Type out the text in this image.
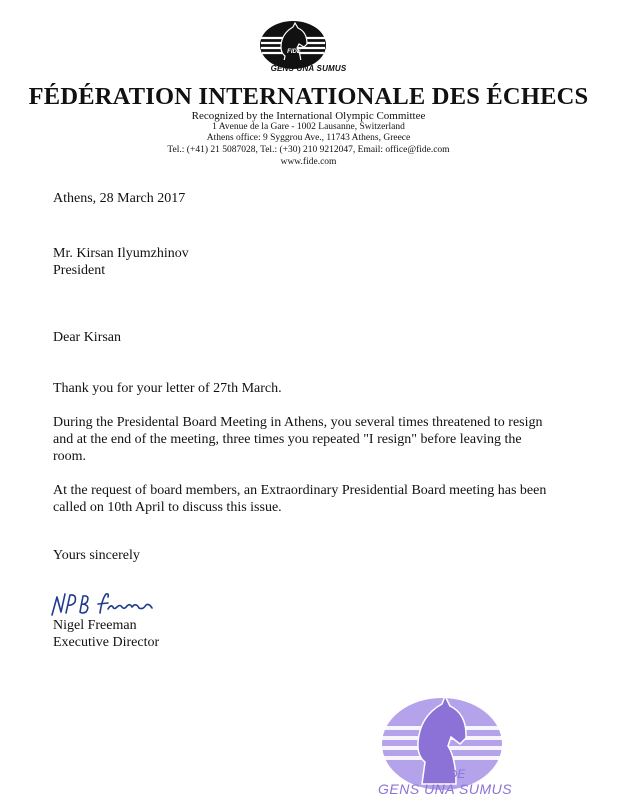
FIDE
GENS UNA SUMUS
FÉDÉRATION INTERNATIONALE DES ÉCHECS
Recognized by the International Olympic Committee
1 Avenue de la Gare - 1002 Lausanne, Switzerland
Athens office: 9 Syggrou Ave., 11743 Athens, Greece
Tel.: (+41) 21 5087028, Tel.: (+30) 210 9212047, Email: office@fide.com
www.fide.com
Athens, 28 March 2017
Mr. Kirsan Ilyumzhinov
President
Dear Kirsan
Thank you for your letter of 27th March.
During the Presidental Board Meeting in Athens, you several times threatened to resign and at the end of the meeting, three times you repeated "I resign" before leaving the room.
At the request of board members, an Extraordinary Presidential Board meeting has been called on 10th April to discuss this issue.
Yours sincerely
Nigel Freeman
Executive Director
FIDE
GENS UNA SUMUS
